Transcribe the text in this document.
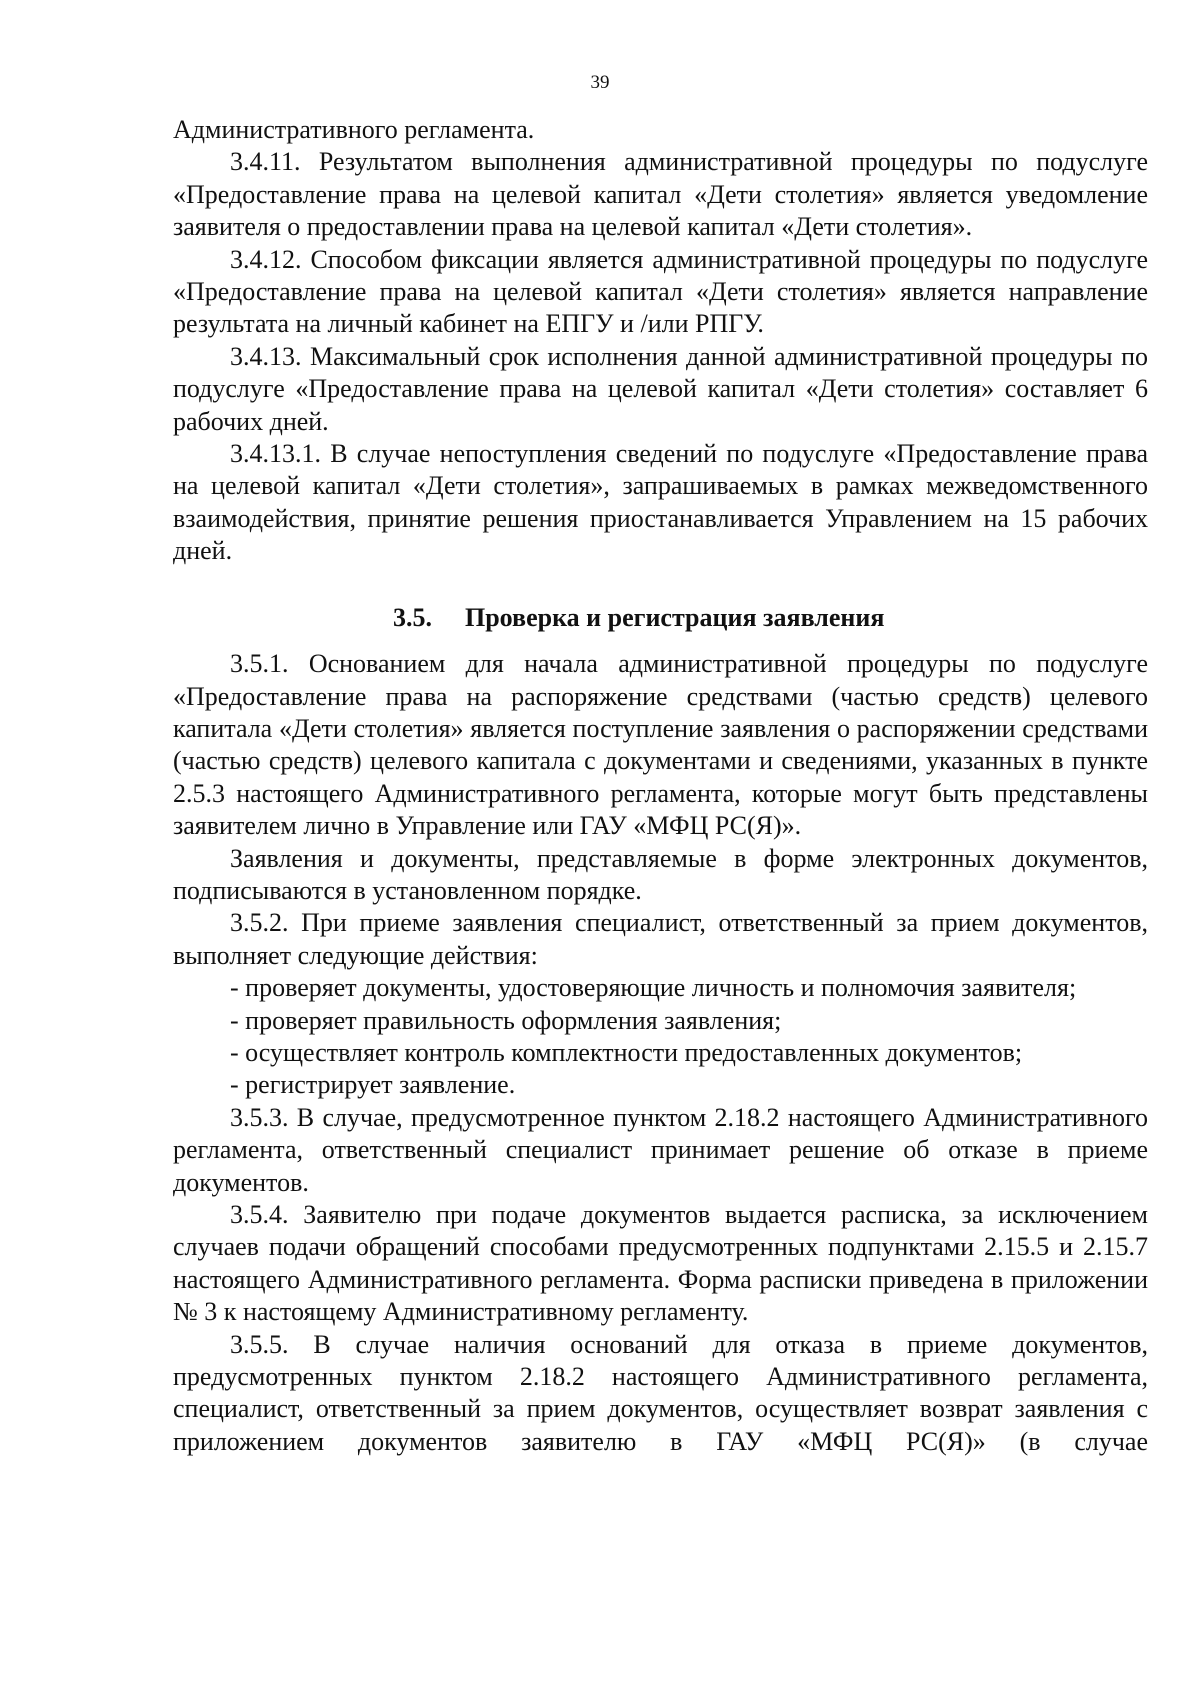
39

Административного регламента.

3.4.11. Результатом выполнения административной процедуры по подуслуге «Предоставление права на целевой капитал «Дети столетия» является уведомление заявителя о предоставлении права на целевой капитал «Дети столетия».

3.4.12. Способом фиксации является административной процедуры по подуслуге «Предоставление права на целевой капитал «Дети столетия» является направление результата на личный кабинет на ЕПГУ и /или РПГУ.

3.4.13. Максимальный срок исполнения данной административной процедуры по подуслуге «Предоставление права на целевой капитал «Дети столетия» составляет 6 рабочих дней.

3.4.13.1. В случае непоступления сведений по подуслуге «Предоставление права на целевой капитал «Дети столетия», запрашиваемых в рамках межведомственного взаимодействия, принятие решения приостанавливается Управлением на 15 рабочих дней.

3.5. Проверка и регистрация заявления

3.5.1. Основанием для начала административной процедуры по подуслуге «Предоставление права на распоряжение средствами (частью средств) целевого капитала «Дети столетия» является поступление заявления о распоряжении средствами (частью средств) целевого капитала с документами и сведениями, указанных в пункте 2.5.3 настоящего Административного регламента, которые могут быть представлены заявителем лично в Управление или ГАУ «МФЦ РС(Я)».

Заявления и документы, представляемые в форме электронных документов, подписываются в установленном порядке.

3.5.2. При приеме заявления специалист, ответственный за прием документов, выполняет следующие действия:

- проверяет документы, удостоверяющие личность и полномочия заявителя;

- проверяет правильность оформления заявления;

- осуществляет контроль комплектности предоставленных документов;

- регистрирует заявление.

3.5.3. В случае, предусмотренное пунктом 2.18.2 настоящего Административного регламента, ответственный специалист принимает решение об отказе в приеме документов.

3.5.4. Заявителю при подаче документов выдается расписка, за исключением случаев подачи обращений способами предусмотренных подпунктами 2.15.5 и 2.15.7 настоящего Административного регламента. Форма расписки приведена в приложении № 3 к настоящему Административному регламенту.

3.5.5. В случае наличия оснований для отказа в приеме документов, предусмотренных пунктом 2.18.2 настоящего Административного регламента, специалист, ответственный за прием документов, осуществляет возврат заявления с приложением документов заявителю в ГАУ «МФЦ РС(Я)» (в случае
